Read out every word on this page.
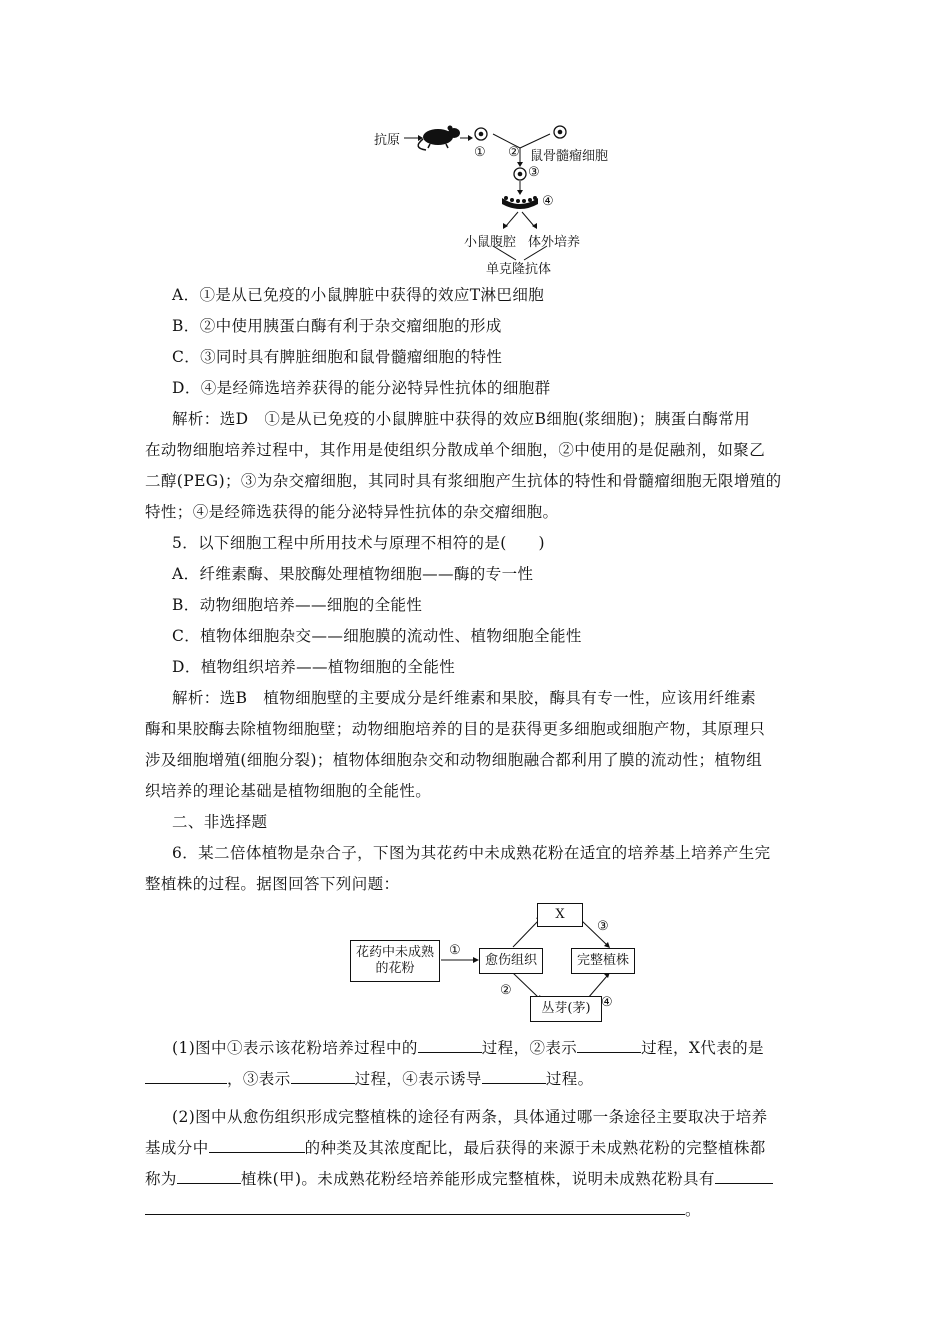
抗原
① ② 鼠骨髓瘤细胞
③
④
小鼠腹腔 体外培养
单克隆抗体
A．①是从已免疫的小鼠脾脏中获得的效应T淋巴细胞
B．②中使用胰蛋白酶有利于杂交瘤细胞的形成
C．③同时具有脾脏细胞和鼠骨髓瘤细胞的特性
D．④是经筛选培养获得的能分泌特异性抗体的细胞群
解析：选D　①是从已免疫的小鼠脾脏中获得的效应B细胞(浆细胞)；胰蛋白酶常用
在动物细胞培养过程中，其作用是使组织分散成单个细胞，②中使用的是促融剂，如聚乙
二醇(PEG)；③为杂交瘤细胞，其同时具有浆细胞产生抗体的特性和骨髓瘤细胞无限增殖的
特性；④是经筛选获得的能分泌特异性抗体的杂交瘤细胞。
5．以下细胞工程中所用技术与原理不相符的是(　　)
A．纤维素酶、果胶酶处理植物细胞——酶的专一性
B．动物细胞培养——细胞的全能性
C．植物体细胞杂交——细胞膜的流动性、植物细胞全能性
D．植物组织培养——植物细胞的全能性
解析：选B　植物细胞壁的主要成分是纤维素和果胶，酶具有专一性，应该用纤维素
酶和果胶酶去除植物细胞壁；动物细胞培养的目的是获得更多细胞或细胞产物，其原理只
涉及细胞增殖(细胞分裂)；植物体细胞杂交和动物细胞融合都利用了膜的流动性；植物组
织培养的理论基础是植物细胞的全能性。
二、非选择题
6．某二倍体植物是杂合子，下图为其花药中未成熟花粉在适宜的培养基上培养产生完
整植株的过程。据图回答下列问题：
花药中未成熟
的花粉
愈伤组织
X
完整植株
丛芽(茅)
①
②
③
④
(1)图中①表示该花粉培养过程中的	过程，②表示	过程，X代表的是
，③表示	过程，④表示诱导	过程。
(2)图中从愈伤组织形成完整植株的途径有两条，具体通过哪一条途径主要取决于培养
基成分中	的种类及其浓度配比，最后获得的来源于未成熟花粉的完整植株都
称为	植株(甲)。未成熟花粉经培养能形成完整植株，说明未成熟花粉具有
。
